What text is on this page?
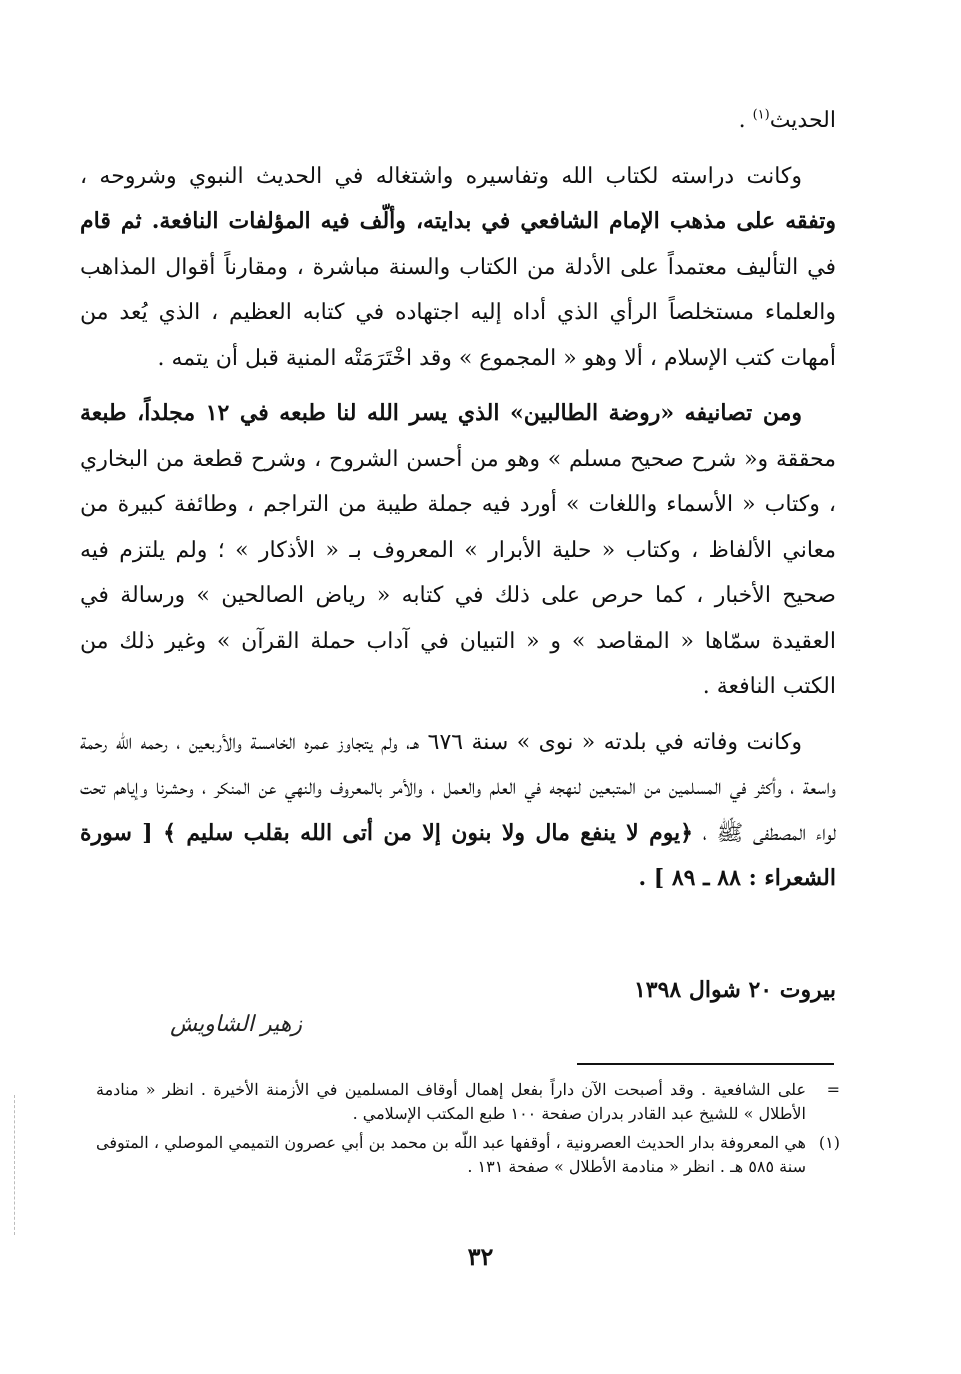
الحديث$^{(١)}$ .

وكانت دراسته لكتاب الله وتفاسيره واشتغاله في الحديث النبوي وشروحه ، وتفقه على مذهب الإمام الشافعي في بدايته، وألّف فيه المؤلفات النافعة. ثم قام في التأليف معتمداً على الأدلة من الكتاب والسنة مباشرة ، ومقارناً أقوال المذاهب والعلماء مستخلصاً الرأي الذي أداه إليه اجتهاده في كتابه العظيم ، الذي يُعد من أمهات كتب الإسلام ، ألا وهو « المجموع » وقد اخْتَرَمَتْه المنية قبل أن يتمه .

ومن تصانيفه «روضة الطالبين» الذي يسر الله لنا طبعه في ١٢ مجلداً، طبعة محققة و« شرح صحيح مسلم » وهو من أحسن الشروح ، وشرح قطعة من البخاري ، وكتاب « الأسماء واللغات » أورد فيه جملة طيبة من التراجم ، وطائفة كبيرة من معاني الألفاظ ، وكتاب « حلية الأبرار » المعروف بـ « الأذكار » ؛ ولم يلتزم فيه صحيح الأخبار ، كما حرص على ذلك في كتابه « رياض الصالحين » ورسالة في العقيدة سمّاها « المقاصد » و « التبيان في آداب حملة القرآن » وغير ذلك من الكتب النافعة .

وكانت وفاته في بلدته « نوى » سنة ٦٧٦ هـ، ولم يتجاوز عمره الخامسة والأربعين ، رحمه الله رحمة واسعة ، وأكثر في المسلمين من المتبعين لنهجه في العلم والعمل ، والأمر بالمعروف والنهي عن المنكر ، وحشرنا وإياهم تحت لواء المصطفى ﷺ ، ﴿يوم لا ينفع مال ولا بنون إلا من أتى الله بقلب سليم ﴾ [ سورة الشعراء : ٨٨ ـ ٨٩ ] .

بيروت ٢٠ شوال ١٣٩٨
زهير الشاويش
=
على الشافعية . وقد أصبحت الآن داراً بفعل إهمال أوقاف المسلمين في الأزمنة الأخيرة . انظر « منادمة الأطلال » للشيخ عبد القادر بدران صفحة ١٠٠ طبع المكتب الإسلامي .
(١)
هي المعروفة بدار الحديث العصرونية ، أوقفها عبد اللّه بن محمد بن أبي عصرون التميمي الموصلي ، المتوفى سنة ٥٨٥ هـ . انظر « منادمة الأطلال » صفحة ١٣١ .
٣٢
